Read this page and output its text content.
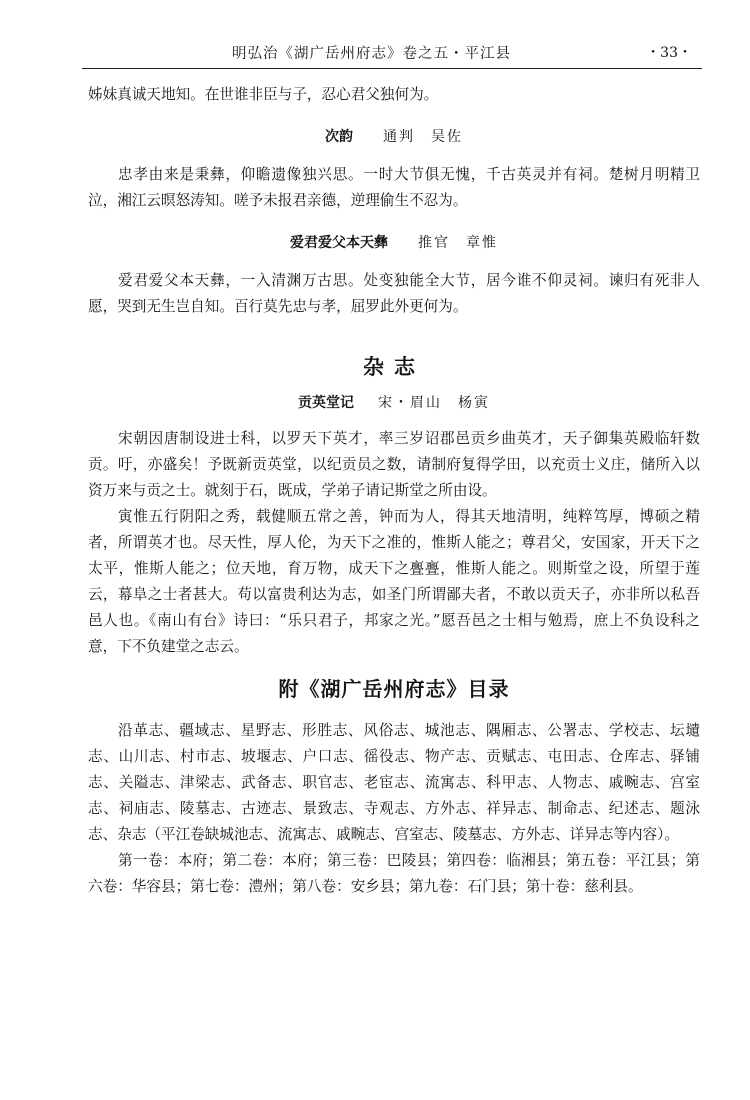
明弘治《湖广岳州府志》卷之五・平江县	・33・

姊妹真诚天地知。在世谁非臣与子，忍心君父独何为。

次韵 通判　吴佐

忠孝由来是秉彝，仰瞻遗像独兴思。一时大节俱无愧，千古英灵并有祠。楚树月明精卫泣，湘江云暝怒涛知。嗟予未报君亲德，逆理偷生不忍为。

爱君爱父本天彝 推官　章惟

爱君爱父本天彝，一入清渊万古思。处变独能全大节，居今谁不仰灵祠。谏归有死非人愿，哭到无生岂自知。百行莫先忠与孝，屈罗此外更何为。

杂志
贡英堂记 宋・眉山　杨寅

宋朝因唐制设进士科，以罗天下英才，率三岁诏郡邑贡乡曲英才，天子御集英殿临轩数贡。吁，亦盛矣！予既新贡英堂，以纪贡员之数，请制府复得学田，以充贡士义庄，储所入以资万来与贡之士。就刻于石，既成，学弟子请记斯堂之所由设。

寅惟五行阴阳之秀，载健顺五常之善，钟而为人，得其天地清明，纯粹笃厚，博硕之精者，所谓英才也。尽天性，厚人伦，为天下之准的，惟斯人能之；尊君父，安国家，开天下之太平，惟斯人能之；位天地，育万物，成天下之亹亹，惟斯人能之。则斯堂之设，所望于莲云，幕阜之士者甚大。苟以富贵利达为志，如圣门所谓鄙夫者，不敢以贡天子，亦非所以私吾邑人也。《南山有台》诗曰：“乐只君子，邦家之光。”愿吾邑之士相与勉焉，庶上不负设科之意，下不负建堂之志云。

附《湖广岳州府志》目录

沿革志、疆域志、星野志、形胜志、风俗志、城池志、隅厢志、公署志、学校志、坛壝志、山川志、村市志、坡堰志、户口志、徭役志、物产志、贡赋志、屯田志、仓库志、驿铺志、关隘志、津梁志、武备志、职官志、老宦志、流寓志、科甲志、人物志、戚畹志、宫室志、祠庙志、陵墓志、古迹志、景致志、寺观志、方外志、祥异志、制命志、纪述志、题泳志、杂志（平江卷缺城池志、流寓志、戚畹志、宫室志、陵墓志、方外志、详异志等内容）。

第一卷：本府；第二卷：本府；第三卷：巴陵县；第四卷：临湘县；第五卷：平江县；第六卷：华容县；第七卷：澧州；第八卷：安乡县；第九卷：石门县；第十卷：慈利县。
